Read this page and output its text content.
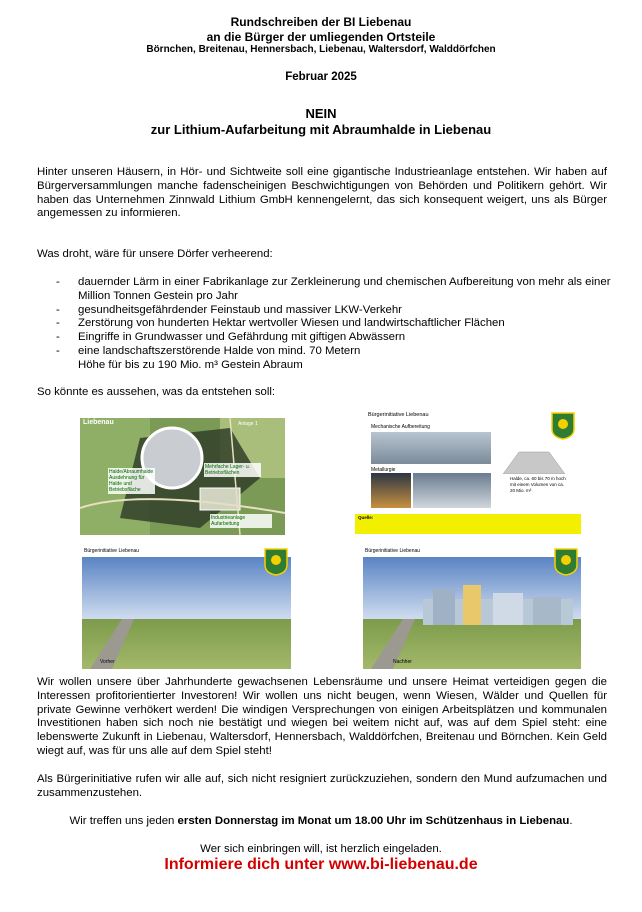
Rundschreiben der BI Liebenau
an die Bürger der umliegenden Ortsteile
Börnchen, Breitenau, Hennersbach, Liebenau, Waltersdorf, Walddörfchen
Februar 2025
NEIN
zur Lithium-Aufarbeitung mit Abraumhalde in Liebenau
Hinter unseren Häusern, in Hör- und Sichtweite soll eine gigantische Industrieanlage entstehen. Wir haben auf Bürgerversammlungen manche fadenscheinigen Beschwichtigungen von Behörden und Politikern gehört. Wir haben das Unternehmen Zinnwald Lithium GmbH kennengelernt, das sich konsequent weigert, uns als Bürger angemessen zu informieren.
Was droht, wäre für unsere Dörfer verheerend:
-	dauernder Lärm in einer Fabrikanlage zur Zerkleinerung und chemischen Aufbereitung von mehr als einer Million Tonnen Gestein pro Jahr
-	gesundheitsgefährdender Feinstaub und massiver LKW-Verkehr
-	Zerstörung von hunderten Hektar wertvoller Wiesen und landwirtschaftlicher Flächen
-	Eingriffe in Grundwasser und Gefährdung mit giftigen Abwässern
-	eine landschaftszerstörende Halde von mind. 70 Metern Höhe für bis zu 190 Mio. m³ Gestein Abraum
So könnte es aussehen, was da entstehen soll:
Liebenau	Anlage 1
Halde/Abraumhalde Ausdehnung für Halde und Betriebsfläche
Mehrfache Lager- u. Betriebsflächen
Industrieanlage Aufarbeitung
Bürgerinitiative Liebenau
Mechanische Aufbereitung
Metallurgie
Halde, ca. 60 bis 70 m hoch mit einem Volumen von ca. 20 Mio. m³
Quelle:
Bürgerinitiative Liebenau
Vorher
Bürgerinitiative Liebenau
Nachher
Wir wollen unsere über Jahrhunderte gewachsenen Lebensräume und unsere Heimat verteidigen gegen die Interessen profitorientierter Investoren! Wir wollen uns nicht beugen, wenn Wiesen, Wälder und Quellen für private Gewinne verhökert werden! Die windigen Versprechungen von einigen Arbeitsplätzen und kommunalen Investitionen haben sich noch nie bestätigt und wiegen bei weitem nicht auf, was auf dem Spiel steht: eine lebenswerte Zukunft in Liebenau, Waltersdorf, Hennersbach, Walddörfchen, Breitenau und Börnchen. Kein Geld wiegt auf, was für uns alle auf dem Spiel steht!
Als Bürgerinitiative rufen wir alle auf, sich nicht resigniert zurückzuziehen, sondern den Mund aufzumachen und zusammenzustehen.
Wir treffen uns jeden ersten Donnerstag im Monat um 18.00 Uhr im Schützenhaus in Liebenau.
Wer sich einbringen will, ist herzlich eingeladen.
Informiere dich unter www.bi-liebenau.de
